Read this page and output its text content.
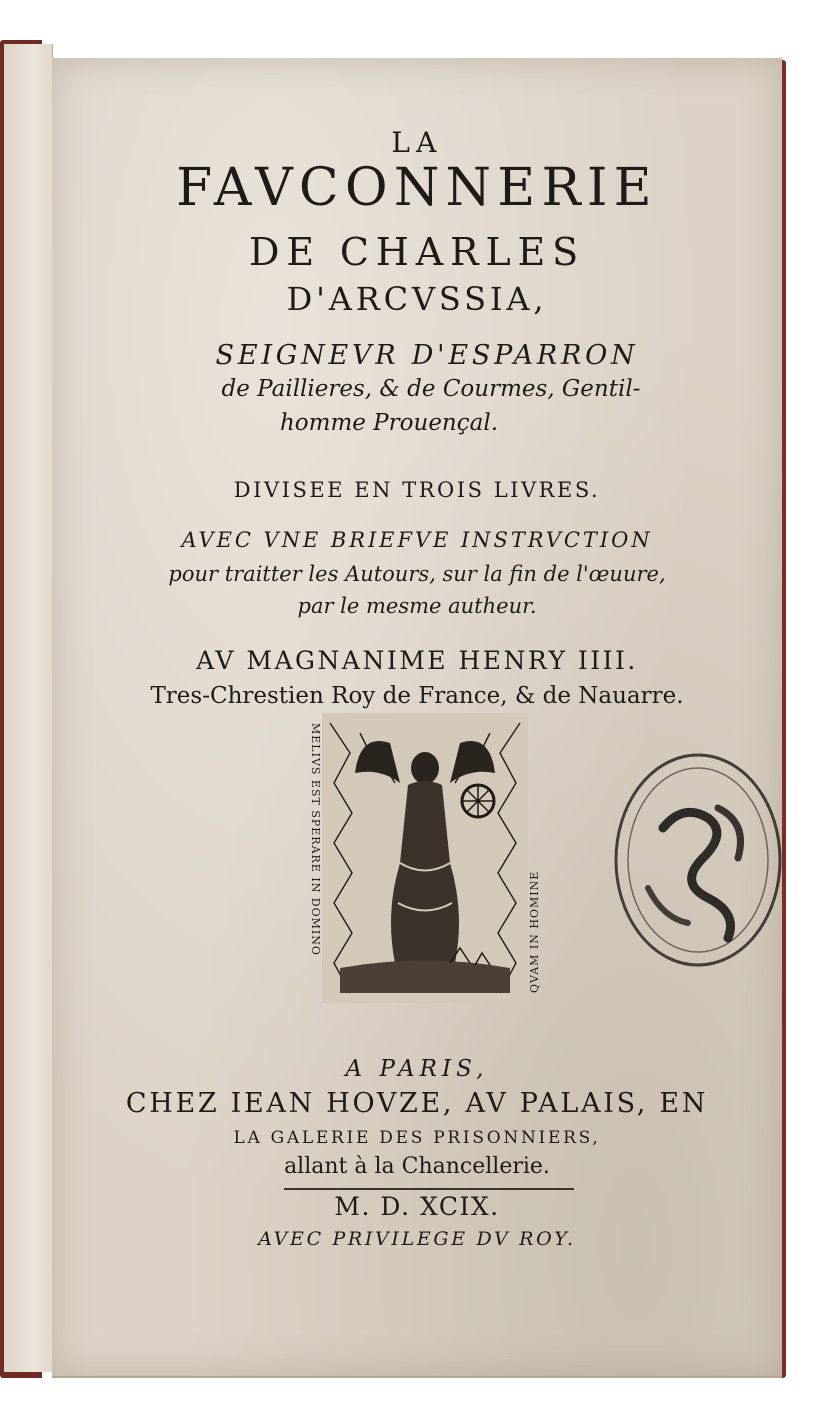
LA
FAVCONNERIE
DE CHARLES
D'ARCVSSIA,
SEIGNEVR D'ESPARRON
de Paillieres, & de Courmes, Gentil-
homme Prouençal.
DIVISEE EN TROIS LIVRES.
AVEC VNE BRIEFVE INSTRVCTION
pour traitter les Autours, sur la fin de l'œuure,
par le mesme autheur.
AV MAGNANIME HENRY IIII.
Tres-Chrestien Roy de France, & de Nauarre.
MELIVS EST SPERARE IN DOMINO	QVAM IN HOMINE
A PARIS,
CHEZ IEAN HOVZE, AV PALAIS, EN
LA GALERIE DES PRISONNIERS,
allant à la Chancellerie.
M. D. XCIX.
AVEC PRIVILEGE DV ROY.
